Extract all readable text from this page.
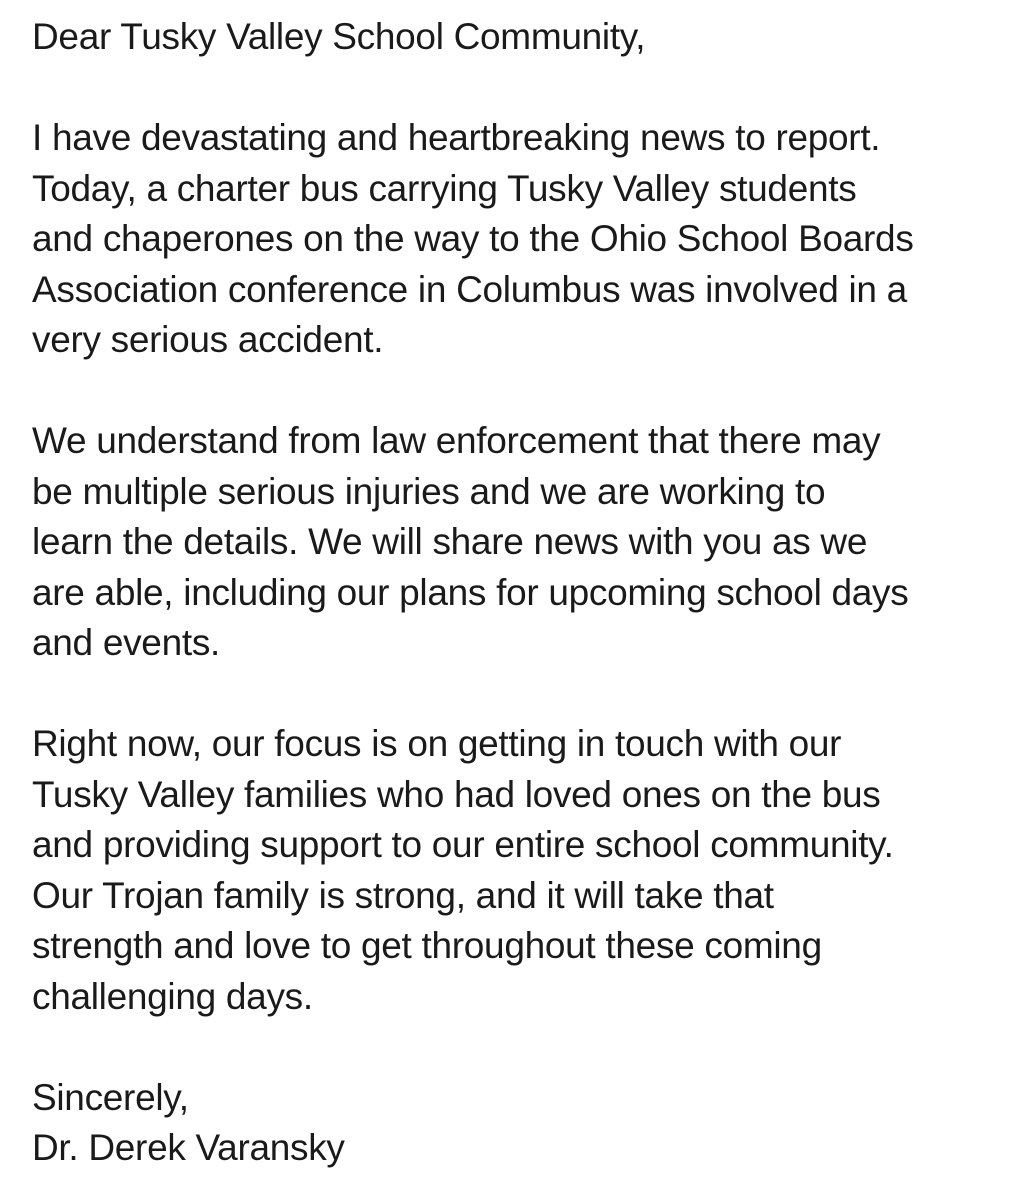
Dear Tusky Valley School Community,
I have devastating and heartbreaking news to report.
Today, a charter bus carrying Tusky Valley students
and chaperones on the way to the Ohio School Boards
Association conference in Columbus was involved in a
very serious accident.
We understand from law enforcement that there may
be multiple serious injuries and we are working to
learn the details. We will share news with you as we
are able, including our plans for upcoming school days
and events.
Right now, our focus is on getting in touch with our
Tusky Valley families who had loved ones on the bus
and providing support to our entire school community.
Our Trojan family is strong, and it will take that
strength and love to get throughout these coming
challenging days.
Sincerely,
Dr. Derek Varansky
